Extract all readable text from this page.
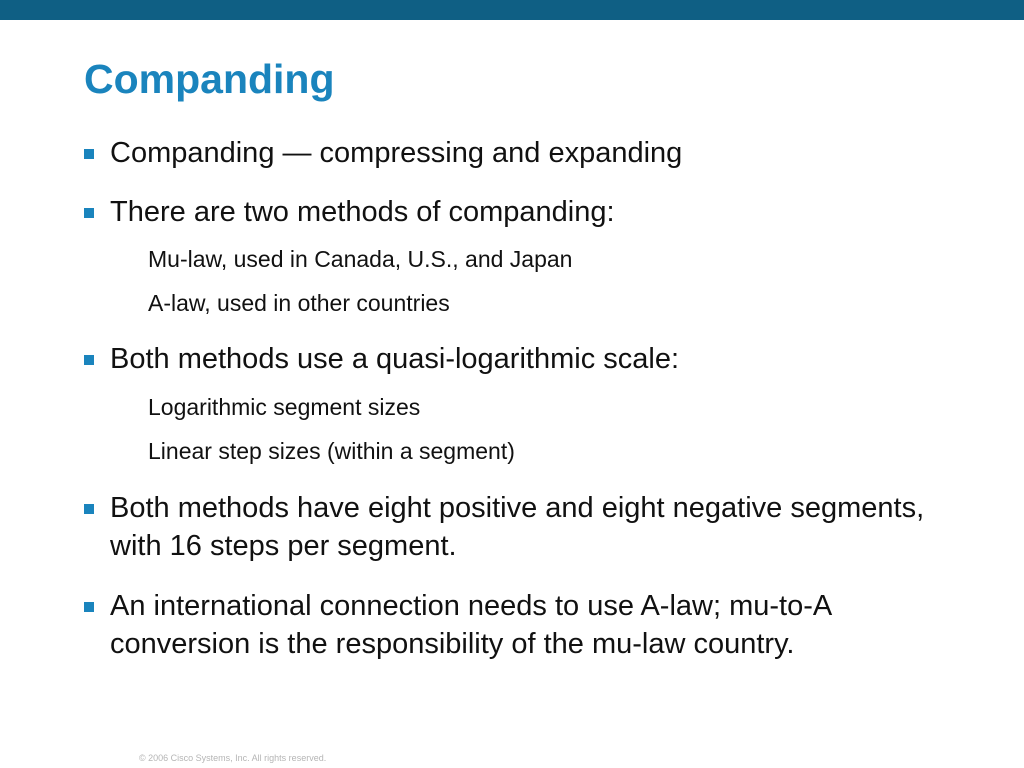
Companding
Companding — compressing and expanding
There are two methods of companding:
Mu-law, used in Canada, U.S., and Japan
A-law, used in other countries
Both methods use a quasi-logarithmic scale:
Logarithmic segment sizes
Linear step sizes (within a segment)
Both methods have eight positive and eight negative segments, with 16 steps per segment.
An international connection needs to use A-law; mu-to-A conversion is the responsibility of the mu-law country.
© 2006 Cisco Systems, Inc. All rights reserved.
